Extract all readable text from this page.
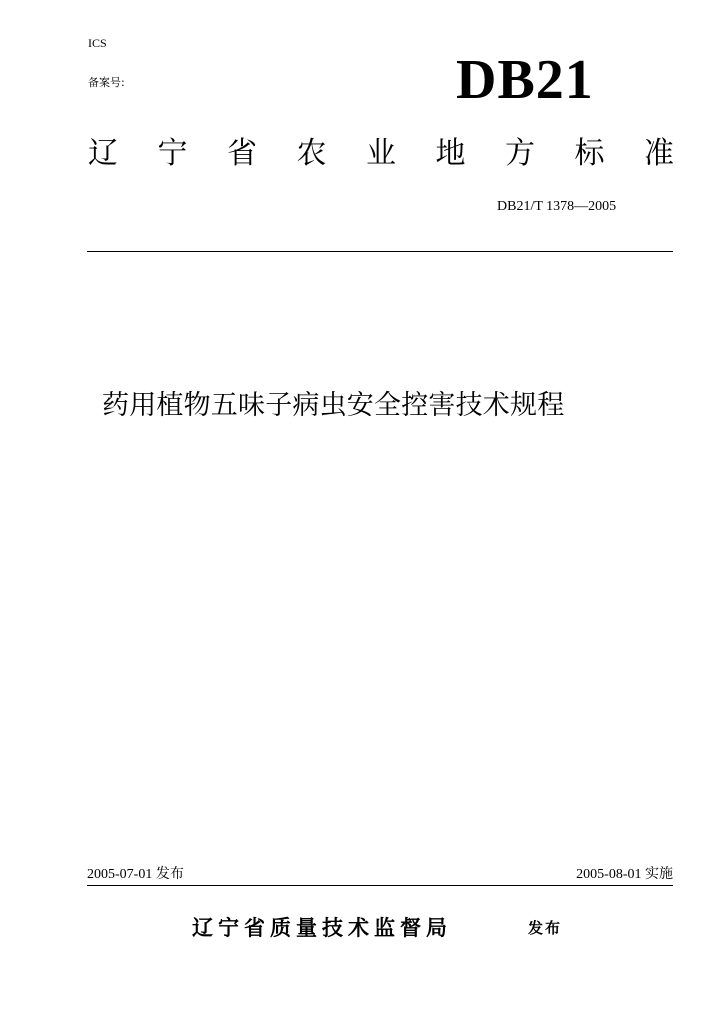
ICS
备案号:	DB21
辽 宁 省 农 业 地 方 标 准
DB21/T 1378—2005
药用植物五味子病虫安全控害技术规程
2005-07-01 发布	2005-08-01 实施
辽宁省质量技术监督局	发布
